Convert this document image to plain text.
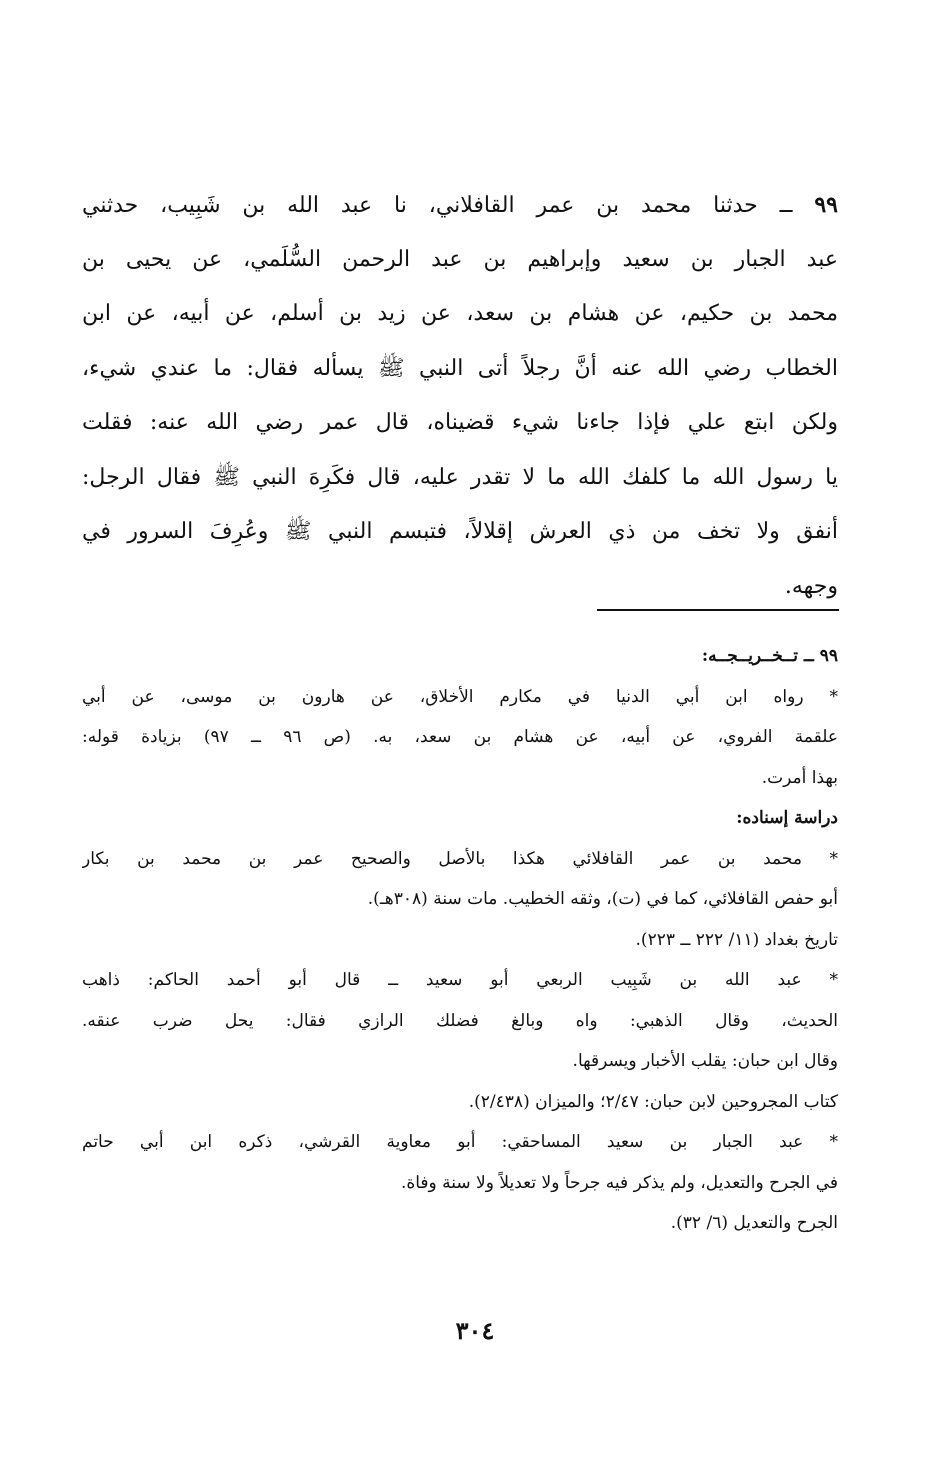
٩٩ ــ حدثنا محمد بن عمر القافلاني، نا عبد الله بن شَبِيب، حدثني
عبد الجبار بن سعيد وإبراهيم بن عبد الرحمن السُّلَمي، عن يحيى بن
محمد بن حكيم، عن هشام بن سعد، عن زيد بن أسلم، عن أبيه، عن ابن
الخطاب رضي الله عنه أنَّ رجلاً أتى النبي ﷺ يسأله فقال: ما عندي شيء،
ولكن ابتع علي فإذا جاءنا شيء قضيناه، قال عمر رضي الله عنه: فقلت
يا رسول الله ما كلفك الله ما لا تقدر عليه، قال فكَرِهَ النبي ﷺ فقال الرجل:
أنفق ولا تخف من ذي العرش إقلالاً، فتبسم النبي ﷺ وعُرِفَ السرور في
وجهه.
٩٩ ــ تــخــريــجــه:
* رواه ابن أبي الدنيا في مكارم الأخلاق، عن هارون بن موسى، عن أبي
علقمة الفروي، عن أبيه، عن هشام بن سعد، به. (ص ٩٦ ــ ٩٧) بزيادة قوله:
بهذا أمرت.
دراسة إسناده:
* محمد بن عمر القافلائي هكذا بالأصل والصحيح عمر بن محمد بن بكار
أبو حفص القافلائي، كما في (ت)، وثقه الخطيب. مات سنة (٣٠٨هـ).
تاريخ بغداد (١١/ ٢٢٢ ــ ٢٢٣).
* عبد الله بن شَبِيب الربعي أبو سعيد ــ قال أبو أحمد الحاكم: ذاهب
الحديث، وقال الذهبي: واه وبالغ فضلك الرازي فقال: يحل ضرب عنقه.
وقال ابن حبان: يقلب الأخبار ويسرقها.
كتاب المجروحين لابن حبان: ٢/٤٧؛ والميزان (٢/٤٣٨).
* عبد الجبار بن سعيد المساحقي: أبو معاوية القرشي، ذكره ابن أبي حاتم
في الجرح والتعديل، ولم يذكر فيه جرحاً ولا تعديلاً ولا سنة وفاة.
الجرح والتعديل (٦/ ٣٢).
٣٠٤
